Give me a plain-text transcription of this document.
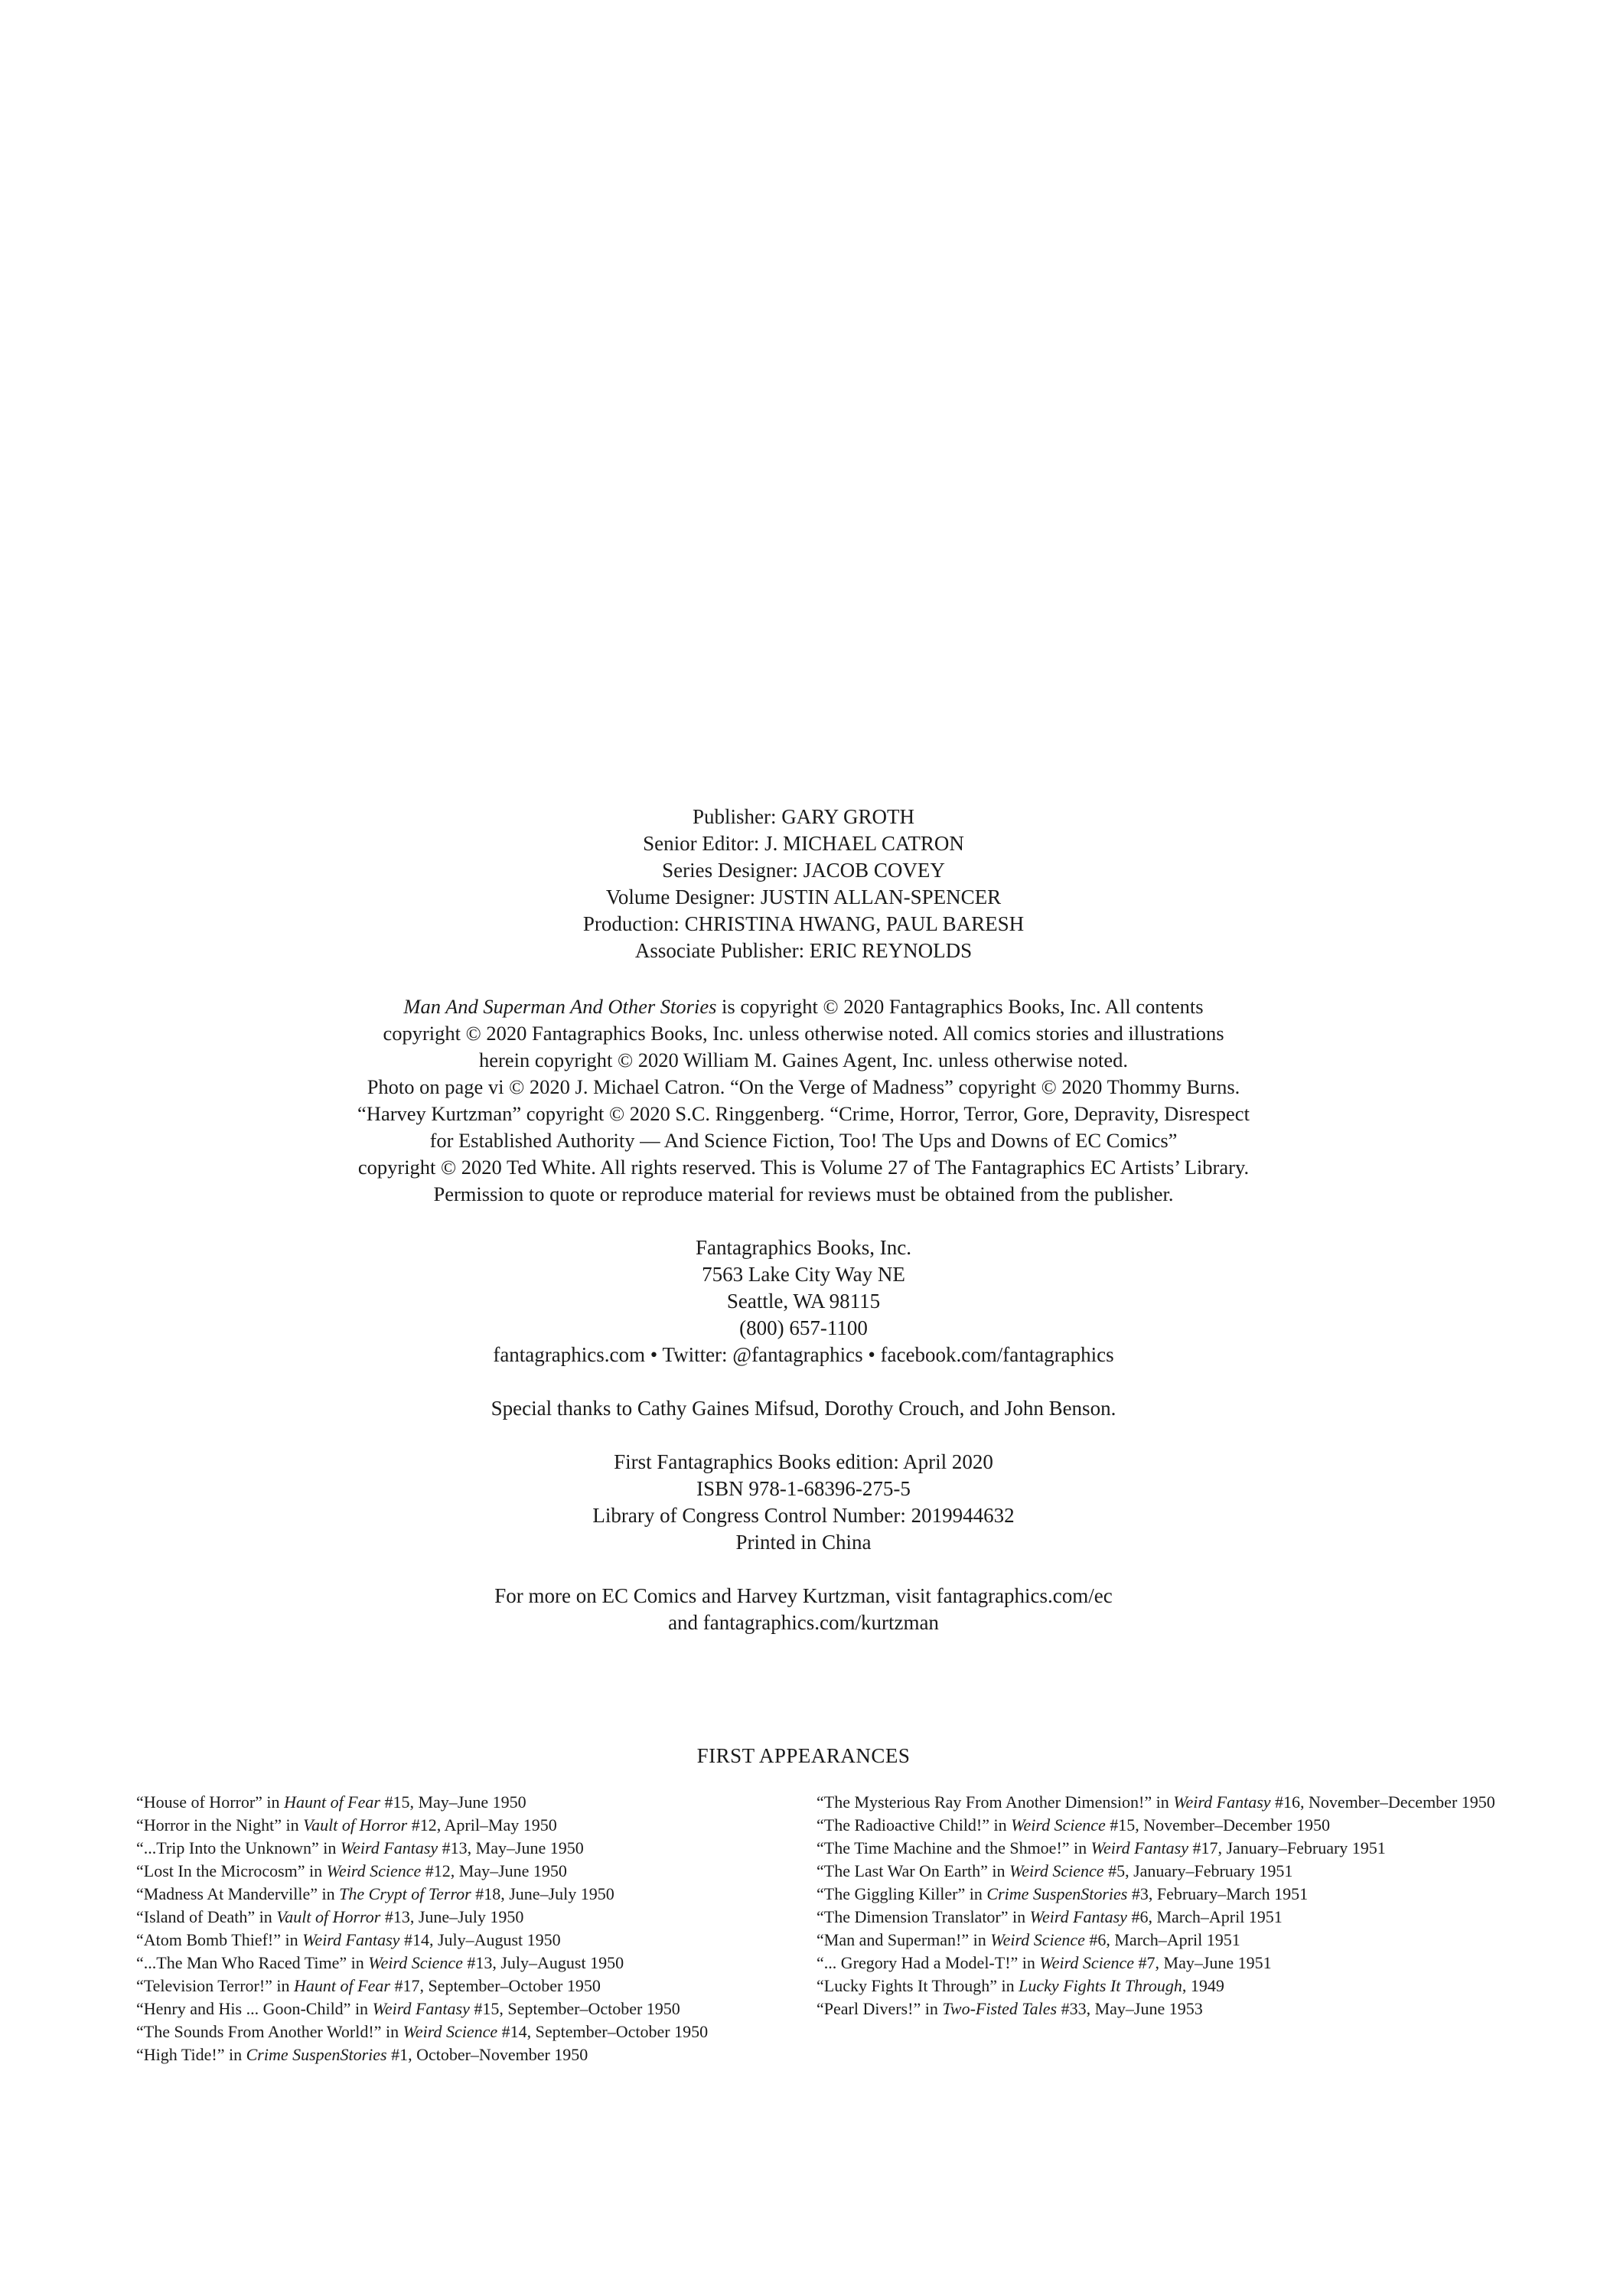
Publisher: GARY GROTH
Senior Editor: J. MICHAEL CATRON
Series Designer: JACOB COVEY
Volume Designer: JUSTIN ALLAN-SPENCER
Production: CHRISTINA HWANG, PAUL BARESH
Associate Publisher: ERIC REYNOLDS
Man And Superman And Other Stories is copyright © 2020 Fantagraphics Books, Inc. All contents
copyright © 2020 Fantagraphics Books, Inc. unless otherwise noted. All comics stories and illustrations
herein copyright © 2020 William M. Gaines Agent, Inc. unless otherwise noted.
Photo on page vi © 2020 J. Michael Catron. “On the Verge of Madness” copyright © 2020 Thommy Burns.
“Harvey Kurtzman” copyright © 2020 S.C. Ringgenberg. “Crime, Horror, Terror, Gore, Depravity, Disrespect
for Established Authority — And Science Fiction, Too! The Ups and Downs of EC Comics”
copyright © 2020 Ted White. All rights reserved. This is Volume 27 of The Fantagraphics EC Artists’ Library.
Permission to quote or reproduce material for reviews must be obtained from the publisher.
Fantagraphics Books, Inc.
7563 Lake City Way NE
Seattle, WA 98115
(800) 657-1100
fantagraphics.com • Twitter: @fantagraphics • facebook.com/fantagraphics
Special thanks to Cathy Gaines Mifsud, Dorothy Crouch, and John Benson.
First Fantagraphics Books edition: April 2020
ISBN 978-1-68396-275-5
Library of Congress Control Number: 2019944632
Printed in China
For more on EC Comics and Harvey Kurtzman, visit fantagraphics.com/ec
and fantagraphics.com/kurtzman
FIRST APPEARANCES
“House of Horror” in Haunt of Fear #15, May–June 1950
“Horror in the Night” in Vault of Horror #12, April–May 1950
“...Trip Into the Unknown” in Weird Fantasy #13, May–June 1950
“Lost In the Microcosm” in Weird Science #12, May–June 1950
“Madness At Manderville” in The Crypt of Terror #18, June–July 1950
“Island of Death” in Vault of Horror #13, June–July 1950
“Atom Bomb Thief!” in Weird Fantasy #14, July–August 1950
“...The Man Who Raced Time” in Weird Science #13, July–August 1950
“Television Terror!” in Haunt of Fear #17, September–October 1950
“Henry and His ... Goon-Child” in Weird Fantasy #15, September–October 1950
“The Sounds From Another World!” in Weird Science #14, September–October 1950
“High Tide!” in Crime SuspenStories #1, October–November 1950
“The Mysterious Ray From Another Dimension!” in Weird Fantasy #16, November–December 1950
“The Radioactive Child!” in Weird Science #15, November–December 1950
“The Time Machine and the Shmoe!” in Weird Fantasy #17, January–February 1951
“The Last War On Earth” in Weird Science #5, January–February 1951
“The Giggling Killer” in Crime SuspenStories #3, February–March 1951
“The Dimension Translator” in Weird Fantasy #6, March–April 1951
“Man and Superman!” in Weird Science #6, March–April 1951
“... Gregory Had a Model-T!” in Weird Science #7, May–June 1951
“Lucky Fights It Through” in Lucky Fights It Through, 1949
“Pearl Divers!” in Two-Fisted Tales #33, May–June 1953
